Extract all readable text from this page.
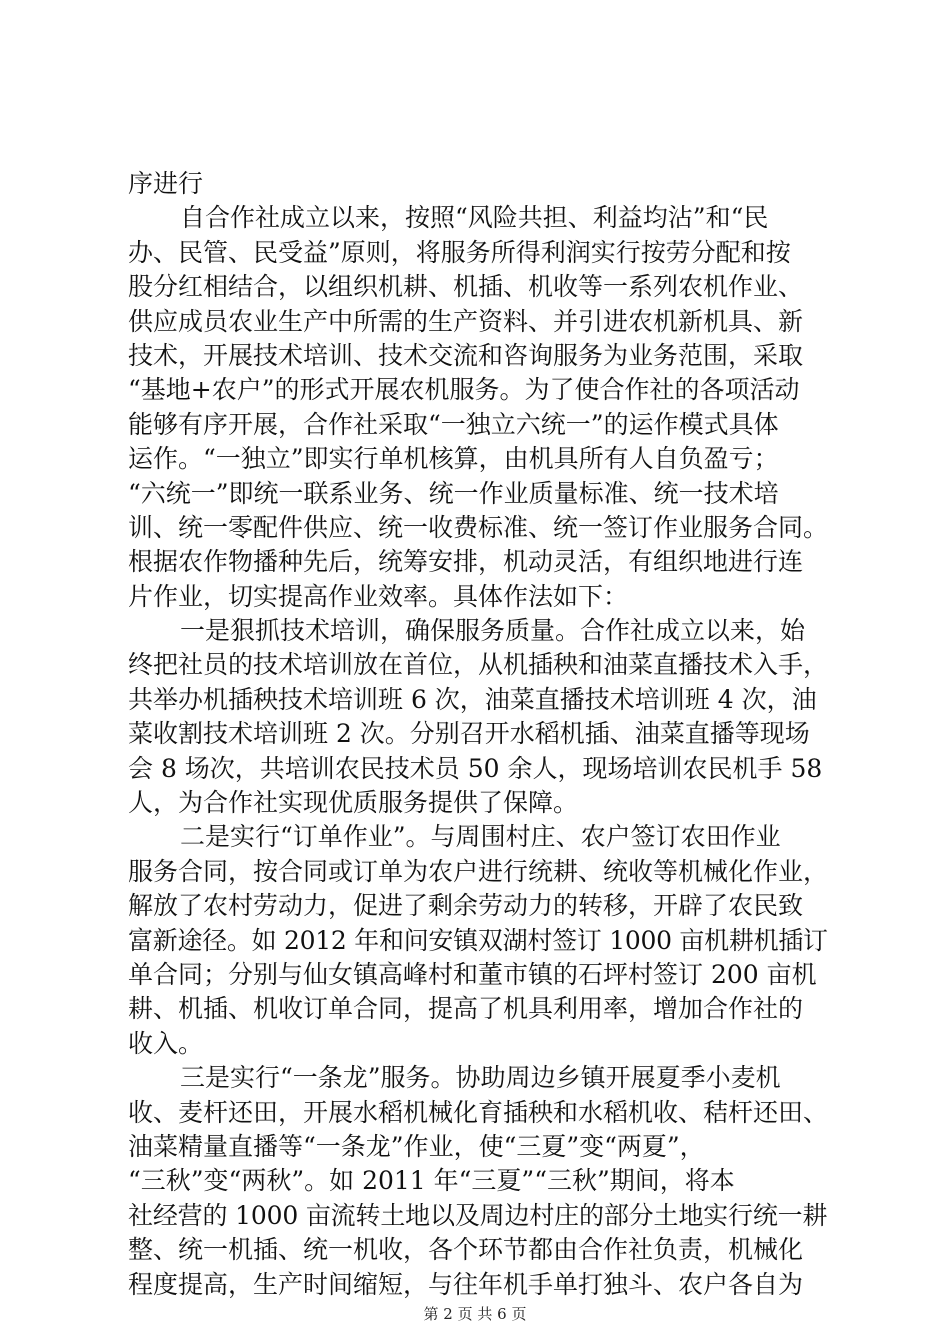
序进行
自合作社成立以来，按照“风险共担、利益均沾”和“民
办、民管、民受益”原则，将服务所得利润实行按劳分配和按
股分红相结合，以组织机耕、机插、机收等一系列农机作业、
供应成员农业生产中所需的生产资料、并引进农机新机具、新
技术，开展技术培训、技术交流和咨询服务为业务范围，采取
“基地+农户”的形式开展农机服务。为了使合作社的各项活动
能够有序开展，合作社采取“一独立六统一”的运作模式具体
运作。“一独立”即实行单机核算，由机具所有人自负盈亏；
“六统一”即统一联系业务、统一作业质量标准、统一技术培
训、统一零配件供应、统一收费标准、统一签订作业服务合同。
根据农作物播种先后，统筹安排，机动灵活，有组织地进行连
片作业，切实提高作业效率。具体作法如下：
一是狠抓技术培训，确保服务质量。合作社成立以来，始
终把社员的技术培训放在首位，从机插秧和油菜直播技术入手，
共举办机插秧技术培训班 6 次，油菜直播技术培训班 4 次，油
菜收割技术培训班 2 次。分别召开水稻机插、油菜直播等现场
会 8 场次，共培训农民技术员 50 余人，现场培训农民机手 58
人，为合作社实现优质服务提供了保障。
二是实行“订单作业”。与周围村庄、农户签订农田作业
服务合同，按合同或订单为农户进行统耕、统收等机械化作业，
解放了农村劳动力，促进了剩余劳动力的转移，开辟了农民致
富新途径。如 2012 年和问安镇双湖村签订 1000 亩机耕机插订
单合同；分别与仙女镇高峰村和董市镇的石坪村签订 200 亩机
耕、机插、机收订单合同，提高了机具利用率，增加合作社的
收入。
三是实行“一条龙”服务。协助周边乡镇开展夏季小麦机
收、麦杆还田，开展水稻机械化育插秧和水稻机收、秸杆还田、
油菜精量直播等“一条龙”作业，使“三夏”变“两夏”，
“三秋”变“两秋”。如 2011 年“三夏”“三秋”期间，将本
社经营的 1000 亩流转土地以及周边村庄的部分土地实行统一耕
整、统一机插、统一机收，各个环节都由合作社负责，机械化
程度提高，生产时间缩短，与往年机手单打独斗、农户各自为
第 2 页 共 6 页
